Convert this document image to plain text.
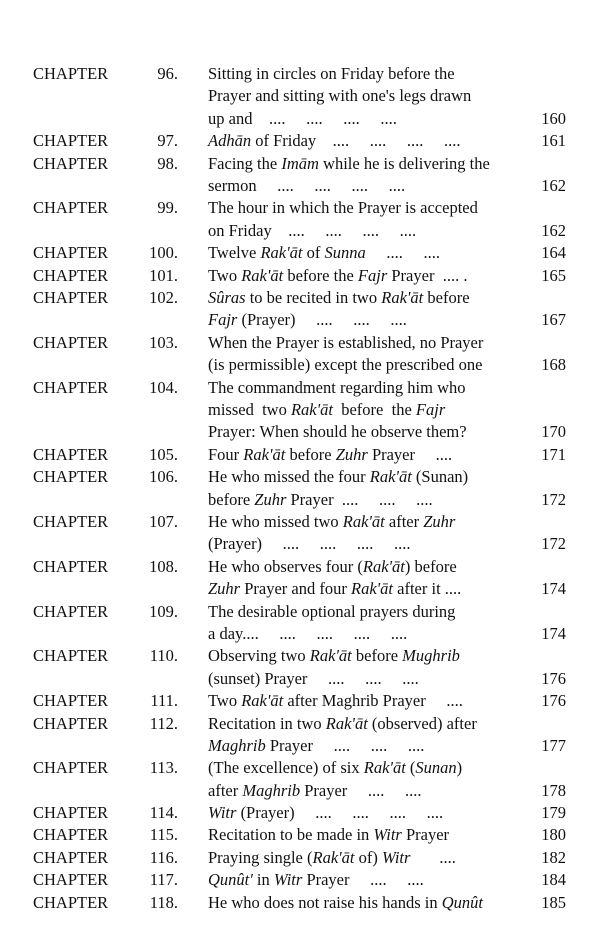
CHAPTER	96. Sitting in circles on Friday before the
Prayer and sitting with one's legs drawn
up and    ....     ....     ....     ....	160
CHAPTER	97. Adhān of Friday    ....     ....     ....     ....	161
CHAPTER	98. Facing the Imām while he is delivering the
sermon     ....     ....     ....     ....	162
CHAPTER	99. The hour in which the Prayer is accepted
on Friday    ....     ....     ....     ....	162
CHAPTER	100. Twelve Rak'āt of Sunna     ....     ....	164
CHAPTER	101. Two Rak'āt before the Fajr Prayer  .... .	165
CHAPTER	102. Sûras to be recited in two Rak'āt before
Fajr (Prayer)     ....     ....     ....	167
CHAPTER	103. When the Prayer is established, no Prayer
(is permissible) except the prescribed one	168
CHAPTER	104. The commandment regarding him who
missed  two Rak'āt  before  the Fajr
Prayer: When should he observe them?	170
CHAPTER	105. Four Rak'āt before Zuhr Prayer     ....	171
CHAPTER	106. He who missed the four Rak'āt (Sunan)
before Zuhr Prayer  ....     ....     ....	172
CHAPTER	107. He who missed two Rak'āt after Zuhr
(Prayer)     ....     ....     ....     ....	172
CHAPTER	108. He who observes four (Rak'āt) before
Zuhr Prayer and four Rak'āt after it ....	174
CHAPTER	109. The desirable optional prayers during
a day....     ....     ....     ....     ....	174
CHAPTER	110. Observing two Rak'āt before Mughrib
(sunset) Prayer     ....     ....     ....	176
CHAPTER	111. Two Rak'āt after Maghrib Prayer     ....	176
CHAPTER	112. Recitation in two Rak'āt (observed) after
Maghrib Prayer     ....     ....     ....	177
CHAPTER	113. (The excellence) of six Rak'āt (Sunan)
after Maghrib Prayer     ....     ....	178
CHAPTER	114. Witr (Prayer)     ....     ....     ....     ....	179
CHAPTER	115. Recitation to be made in Witr Prayer	180
CHAPTER	116. Praying single (Rak'āt of) Witr       ....	182
CHAPTER	117. Qunût' in Witr Prayer     ....     ....	184
CHAPTER	118. He who does not raise his hands in Qunût	185
